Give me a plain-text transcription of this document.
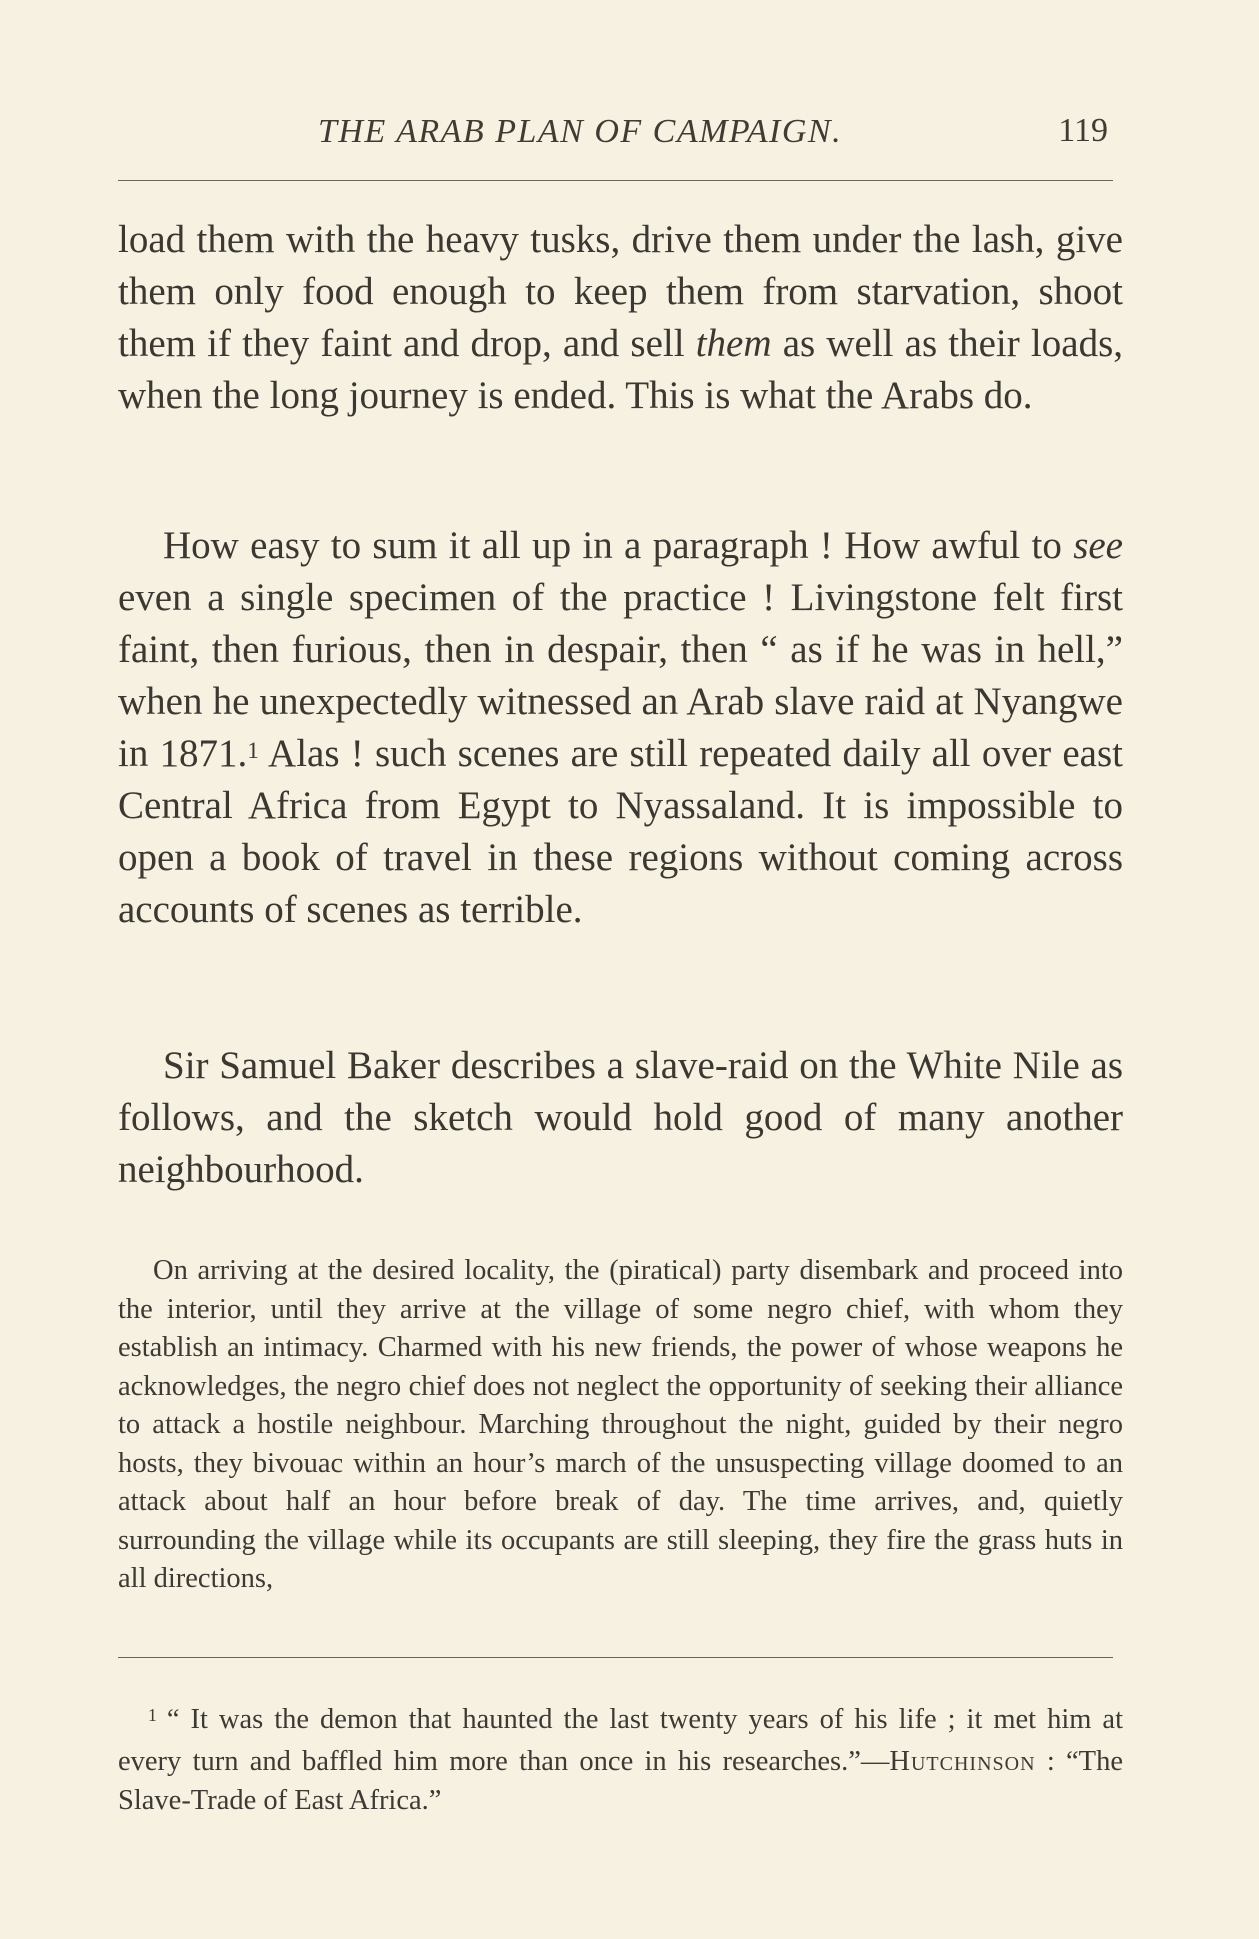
THE ARAB PLAN OF CAMPAIGN.	119

load them with the heavy tusks, drive them under the lash, give them only food enough to keep them from starvation, shoot them if they faint and drop, and sell them as well as their loads, when the long journey is ended. This is what the Arabs do.

How easy to sum it all up in a paragraph ! How awful to see even a single specimen of the practice ! Livingstone felt first faint, then furious, then in despair, then “ as if he was in hell,” when he unexpectedly witnessed an Arab slave raid at Nyangwe in 1871.$^1$ Alas ! such scenes are still repeated daily all over east Central Africa from Egypt to Nyassaland. It is impossible to open a book of travel in these regions without coming across accounts of scenes as terrible.

Sir Samuel Baker describes a slave-raid on the White Nile as follows, and the sketch would hold good of many another neighbourhood.

On arriving at the desired locality, the (piratical) party disembark and proceed into the interior, until they arrive at the village of some negro chief, with whom they establish an intimacy. Charmed with his new friends, the power of whose weapons he acknowledges, the negro chief does not neglect the opportunity of seeking their alliance to attack a hostile neighbour. Marching throughout the night, guided by their negro hosts, they bivouac within an hour’s march of the unsuspecting village doomed to an attack about half an hour before break of day. The time arrives, and, quietly surrounding the village while its occupants are still sleeping, they fire the grass huts in all directions,
$^1$ “ It was the demon that haunted the last twenty years of his life ; it met him at every turn and baffled him more than once in his researches.”—Hutchinson : “The Slave-Trade of East Africa.”
